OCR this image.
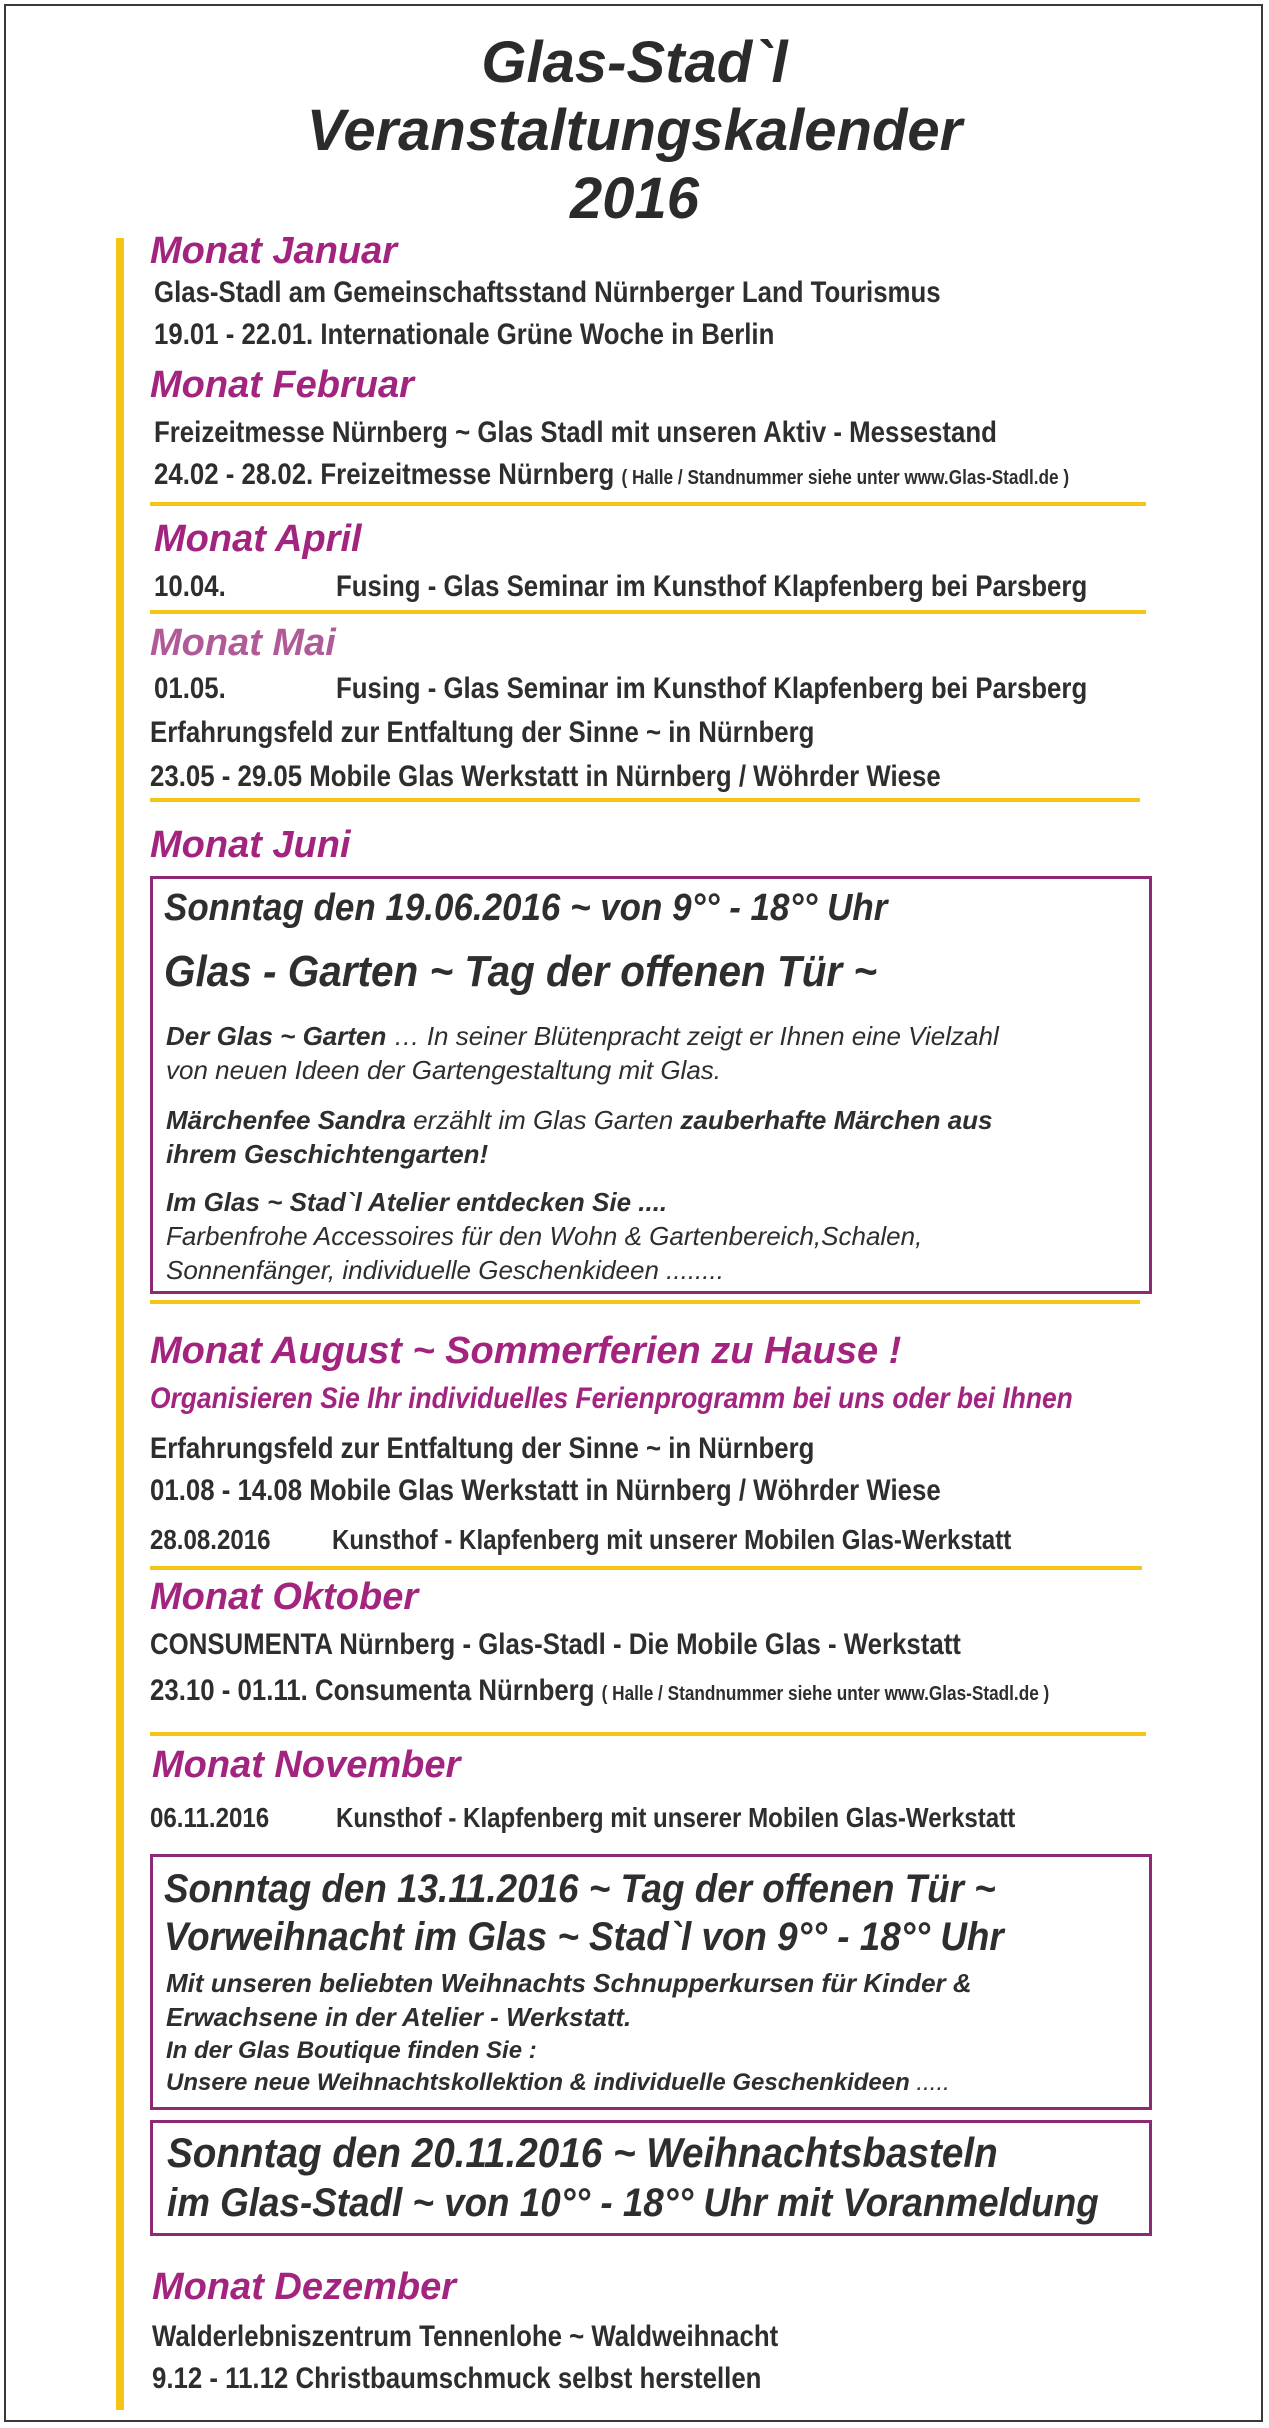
Glas-Stad`l
Veranstaltungskalender
2016
Monat Januar
Glas-Stadl am Gemeinschaftsstand Nürnberger Land Tourismus
19.01 - 22.01. Internationale Grüne Woche in Berlin
Monat Februar
Freizeitmesse Nürnberg ~ Glas Stadl mit unseren Aktiv - Messestand
24.02 - 28.02. Freizeitmesse Nürnberg ( Halle / Standnummer siehe unter www.Glas-Stadl.de )
Monat April
10.04.	Fusing - Glas Seminar im Kunsthof Klapfenberg bei Parsberg
Monat Mai
01.05.	Fusing - Glas Seminar im Kunsthof Klapfenberg bei Parsberg
Erfahrungsfeld zur Entfaltung der Sinne ~ in Nürnberg
23.05 - 29.05 Mobile Glas Werkstatt in Nürnberg / Wöhrder Wiese
Monat Juni
Sonntag den 19.06.2016 ~ von 9°° - 18°° Uhr
Glas - Garten ~ Tag der offenen Tür ~
Der Glas ~ Garten … In seiner Blütenpracht zeigt er Ihnen eine Vielzahl
von neuen Ideen der Gartengestaltung mit Glas.
Märchenfee Sandra erzählt im Glas Garten zauberhafte Märchen aus
ihrem Geschichtengarten!
Im Glas ~ Stad`l Atelier entdecken Sie ....
Farbenfrohe Accessoires für den Wohn & Gartenbereich,Schalen,
Sonnenfänger, individuelle Geschenkideen ........
Monat August ~ Sommerferien zu Hause !
Organisieren Sie Ihr individuelles Ferienprogramm bei uns oder bei Ihnen
Erfahrungsfeld zur Entfaltung der Sinne ~ in Nürnberg
01.08 - 14.08 Mobile Glas Werkstatt in Nürnberg / Wöhrder Wiese
28.08.2016 Kunsthof - Klapfenberg mit unserer Mobilen Glas-Werkstatt
Monat Oktober
CONSUMENTA Nürnberg - Glas-Stadl - Die Mobile Glas - Werkstatt
23.10 - 01.11. Consumenta Nürnberg ( Halle / Standnummer siehe unter www.Glas-Stadl.de )
Monat November
06.11.2016 Kunsthof - Klapfenberg mit unserer Mobilen Glas-Werkstatt
Sonntag den 13.11.2016 ~ Tag der offenen Tür ~
Vorweihnacht im Glas ~ Stad`l von 9°° - 18°° Uhr
Mit unseren beliebten Weihnachts Schnupperkursen für Kinder &
Erwachsene in der Atelier - Werkstatt.
In der Glas Boutique finden Sie :
Unsere neue Weihnachtskollektion & individuelle Geschenkideen .....
Sonntag den 20.11.2016 ~ Weihnachtsbasteln
im Glas-Stadl ~ von 10°° - 18°° Uhr mit Voranmeldung
Monat Dezember
Walderlebniszentrum Tennenlohe ~ Waldweihnacht
9.12 - 11.12 Christbaumschmuck selbst herstellen
